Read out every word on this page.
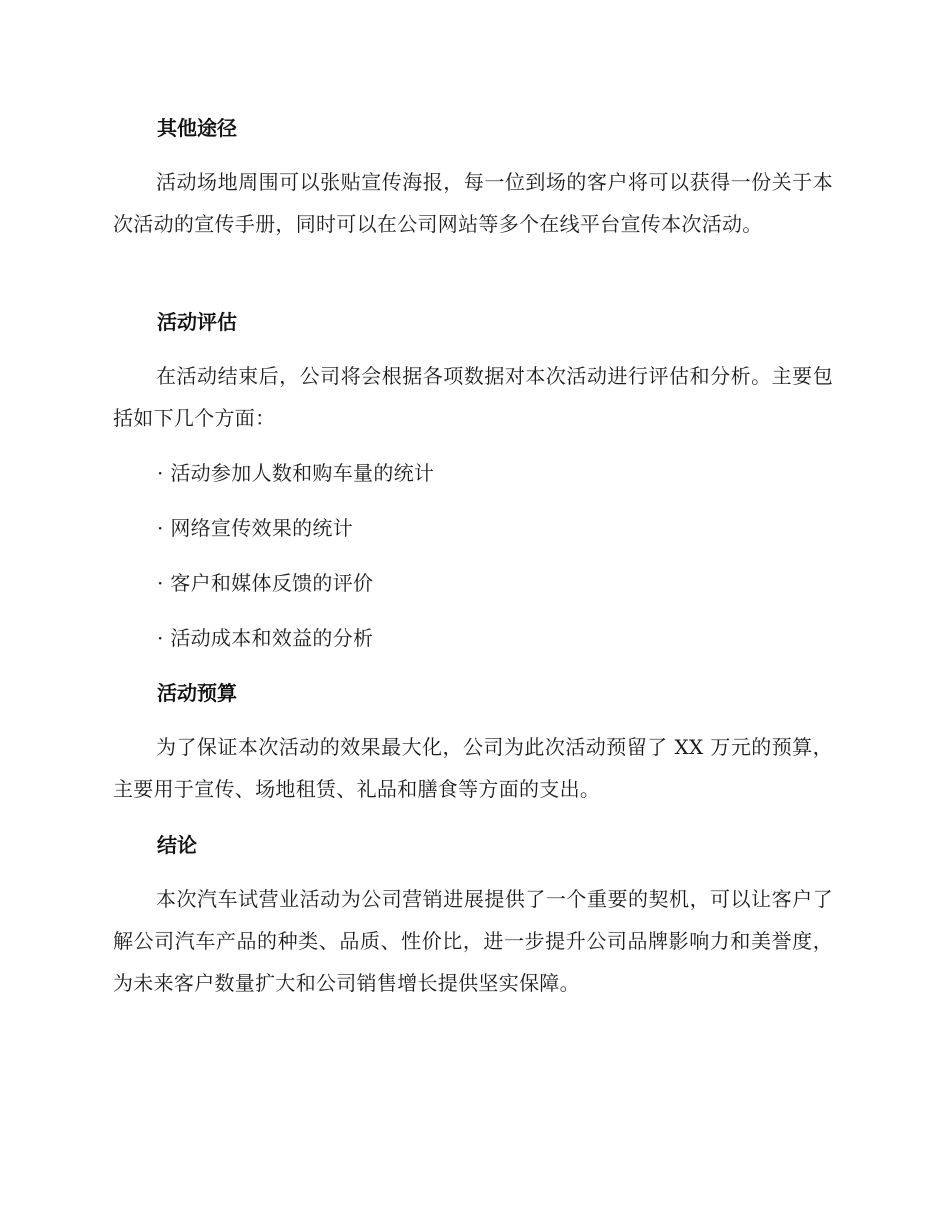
其他途径

活动场地周围可以张贴宣传海报，每一位到场的客户将可以获得一份关于本次活动的宣传手册，同时可以在公司网站等多个在线平台宣传本次活动。

活动评估

在活动结束后，公司将会根据各项数据对本次活动进行评估和分析。主要包括如下几个方面：

· 活动参加人数和购车量的统计

· 网络宣传效果的统计

· 客户和媒体反馈的评价

· 活动成本和效益的分析

活动预算

为了保证本次活动的效果最大化，公司为此次活动预留了 XX 万元的预算，主要用于宣传、场地租赁、礼品和膳食等方面的支出。

结论

本次汽车试营业活动为公司营销进展提供了一个重要的契机，可以让客户了解公司汽车产品的种类、品质、性价比，进一步提升公司品牌影响力和美誉度，为未来客户数量扩大和公司销售增长提供坚实保障。
